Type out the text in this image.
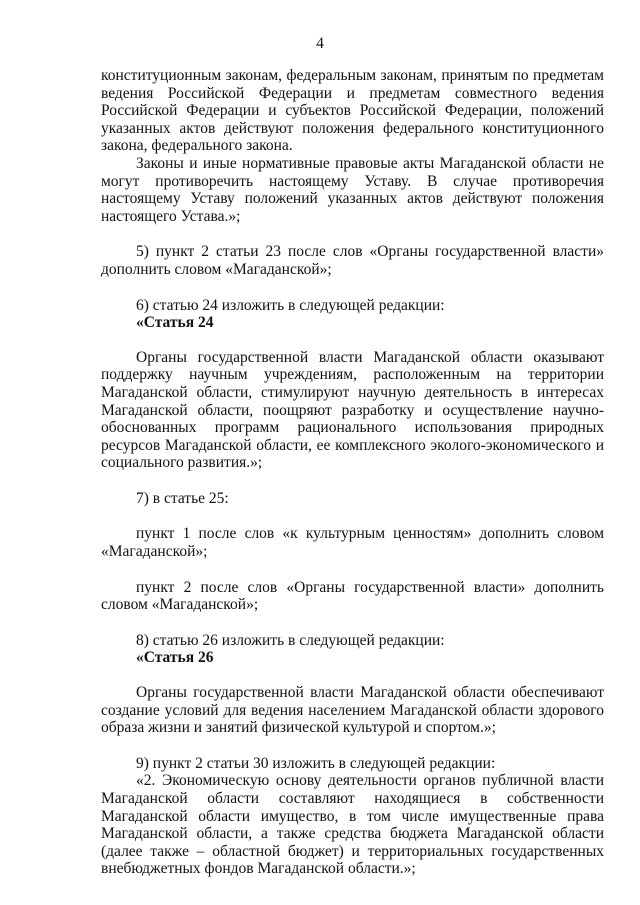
4

конституционным законам, федеральным законам, принятым по предметам ведения Российской Федерации и предметам совместного ведения Российской Федерации и субъектов Российской Федерации, положений указанных актов действуют положения федерального конституционного закона, федерального закона.

Законы и иные нормативные правовые акты Магаданской области не могут противоречить настоящему Уставу. В случае противоречия настоящему Уставу положений указанных актов действуют положения настоящего Устава.»;

5) пункт 2 статьи 23 после слов «Органы государственной власти» дополнить словом «Магаданской»;

6) статью 24 изложить в следующей редакции:

«Статья 24

Органы государственной власти Магаданской области оказывают поддержку научным учреждениям, расположенным на территории Магаданской области, стимулируют научную деятельность в интересах Магаданской области, поощряют разработку и осуществление научно-обоснованных программ рационального использования природных ресурсов Магаданской области, ее комплексного эколого-экономического и социального развития.»;

7) в статье 25:

пункт 1 после слов «к культурным ценностям» дополнить словом «Магаданской»;

пункт 2 после слов «Органы государственной власти» дополнить словом «Магаданской»;

8) статью 26 изложить в следующей редакции:

«Статья 26

Органы государственной власти Магаданской области обеспечивают создание условий для ведения населением Магаданской области здорового образа жизни и занятий физической культурой и спортом.»;

9) пункт 2 статьи 30 изложить в следующей редакции:

«2. Экономическую основу деятельности органов публичной власти Магаданской области составляют находящиеся в собственности Магаданской области имущество, в том числе имущественные права Магаданской области, а также средства бюджета Магаданской области (далее также – областной бюджет) и территориальных государственных внебюджетных фондов Магаданской области.»;
